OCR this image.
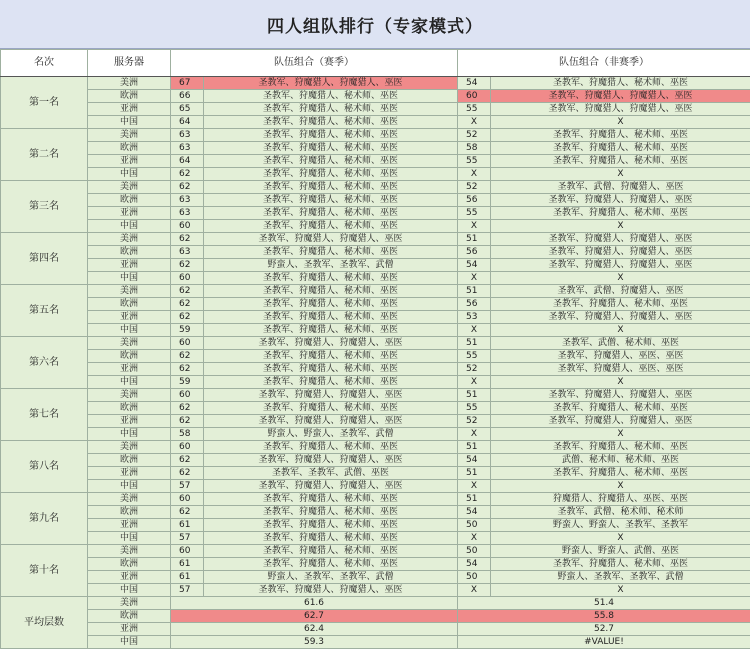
四人组队排行（专家模式）
名次	服务器	队伍组合（赛季）		队伍组合（非赛季）	
第一名	美洲	67	圣教军、狩魔猎人、狩魔猎人、巫医	54	圣教军、狩魔猎人、秘术师、巫医
	欧洲	66	圣教军、狩魔猎人、秘术师、巫医	60	圣教军、狩魔猎人、狩魔猎人、巫医
	亚洲	65	圣教军、狩魔猎人、秘术师、巫医	55	圣教军、狩魔猎人、狩魔猎人、巫医
	中国	64	圣教军、狩魔猎人、秘术师、巫医	X	X
第二名	美洲	63	圣教军、狩魔猎人、秘术师、巫医	52	圣教军、狩魔猎人、秘术师、巫医
	欧洲	63	圣教军、狩魔猎人、秘术师、巫医	58	圣教军、狩魔猎人、秘术师、巫医
	亚洲	64	圣教军、狩魔猎人、秘术师、巫医	55	圣教军、狩魔猎人、秘术师、巫医
	中国	62	圣教军、狩魔猎人、秘术师、巫医	X	X
第三名	美洲	62	圣教军、狩魔猎人、秘术师、巫医	52	圣教军、武僧、狩魔猎人、巫医
	欧洲	63	圣教军、狩魔猎人、秘术师、巫医	56	圣教军、狩魔猎人、狩魔猎人、巫医
	亚洲	63	圣教军、狩魔猎人、秘术师、巫医	55	圣教军、狩魔猎人、秘术师、巫医
	中国	60	圣教军、狩魔猎人、秘术师、巫医	X	X
第四名	美洲	62	圣教军、狩魔猎人、狩魔猎人、巫医	51	圣教军、狩魔猎人、狩魔猎人、巫医
	欧洲	63	圣教军、狩魔猎人、秘术师、巫医	56	圣教军、狩魔猎人、狩魔猎人、巫医
	亚洲	62	野蛮人、圣教军、圣教军、武僧	54	圣教军、狩魔猎人、狩魔猎人、巫医
	中国	60	圣教军、狩魔猎人、秘术师、巫医	X	X
第五名	美洲	62	圣教军、狩魔猎人、秘术师、巫医	51	圣教军、武僧、狩魔猎人、巫医
	欧洲	62	圣教军、狩魔猎人、秘术师、巫医	56	圣教军、狩魔猎人、秘术师、巫医
	亚洲	62	圣教军、狩魔猎人、秘术师、巫医	53	圣教军、狩魔猎人、狩魔猎人、巫医
	中国	59	圣教军、狩魔猎人、秘术师、巫医	X	X
第六名	美洲	60	圣教军、狩魔猎人、狩魔猎人、巫医	51	圣教军、武僧、秘术师、巫医
	欧洲	62	圣教军、狩魔猎人、秘术师、巫医	55	圣教军、狩魔猎人、巫医、巫医
	亚洲	62	圣教军、狩魔猎人、秘术师、巫医	52	圣教军、狩魔猎人、巫医、巫医
	中国	59	圣教军、狩魔猎人、秘术师、巫医	X	X
第七名	美洲	60	圣教军、狩魔猎人、狩魔猎人、巫医	51	圣教军、狩魔猎人、狩魔猎人、巫医
	欧洲	62	圣教军、狩魔猎人、秘术师、巫医	55	圣教军、狩魔猎人、秘术师、巫医
	亚洲	62	圣教军、狩魔猎人、狩魔猎人、巫医	52	圣教军、狩魔猎人、狩魔猎人、巫医
	中国	58	野蛮人、野蛮人、圣教军、武僧	X	X
第八名	美洲	60	圣教军、狩魔猎人、秘术师、巫医	51	圣教军、狩魔猎人、秘术师、巫医
	欧洲	62	圣教军、狩魔猎人、狩魔猎人、巫医	54	武僧、秘术师、秘术师、巫医
	亚洲	62	圣教军、圣教军、武僧、巫医	51	圣教军、狩魔猎人、秘术师、巫医
	中国	57	圣教军、狩魔猎人、狩魔猎人、巫医	X	X
第九名	美洲	60	圣教军、狩魔猎人、秘术师、巫医	51	狩魔猎人、狩魔猎人、巫医、巫医
	欧洲	62	圣教军、狩魔猎人、秘术师、巫医	54	圣教军、武僧、秘术师、秘术师
	亚洲	61	圣教军、狩魔猎人、秘术师、巫医	50	野蛮人、野蛮人、圣教军、圣教军
	中国	57	圣教军、狩魔猎人、秘术师、巫医	X	X
第十名	美洲	60	圣教军、狩魔猎人、秘术师、巫医	50	野蛮人、野蛮人、武僧、巫医
	欧洲	61	圣教军、狩魔猎人、秘术师、巫医	54	圣教军、狩魔猎人、秘术师、巫医
	亚洲	61	野蛮人、圣教军、圣教军、武僧	50	野蛮人、圣教军、圣教军、武僧
	中国	57	圣教军、狩魔猎人、狩魔猎人、巫医	X	X
平均层数	美洲	61.6		51.4	
	欧洲	62.7		55.8	
	亚洲	62.4		52.7	
	中国	59.3		#VALUE!	
